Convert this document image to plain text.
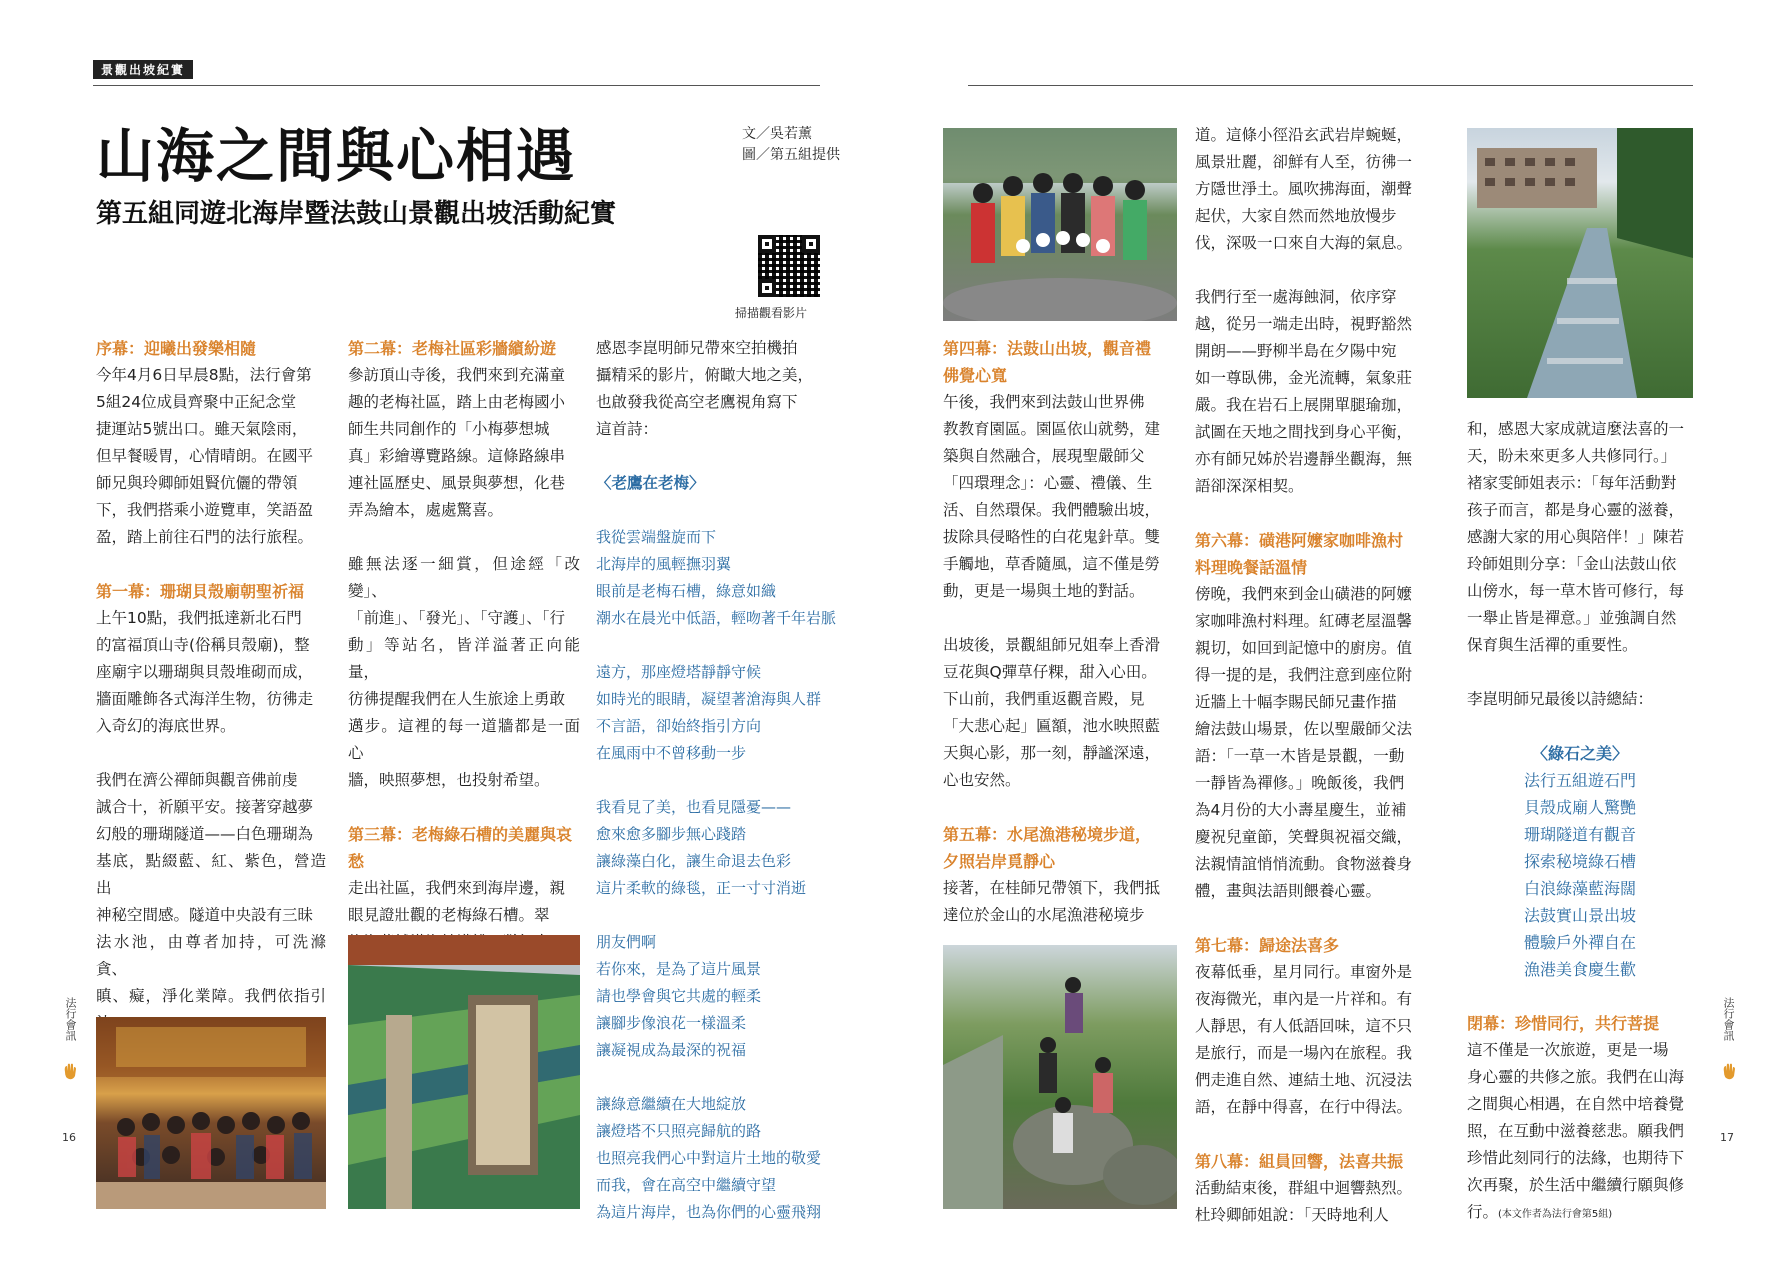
景觀出坡紀實
山海之間與心相遇
第五組同遊北海岸暨法鼓山景觀出坡活動紀實
文／吳若薰
圖／第五組提供
掃描觀看影片
序幕：迎曦出發樂相隨

今年4月6日早晨8點，法行會第
5組24位成員齊聚中正紀念堂
捷運站5號出口。雖天氣陰雨，
但早餐暖胃，心情晴朗。在國平
師兄與玲卿師姐賢伉儷的帶領
下，我們搭乘小遊覽車，笑語盈
盈，踏上前往石門的法行旅程。

第一幕：珊瑚貝殼廟朝聖祈福

上午10點，我們抵達新北石門
的富福頂山寺(俗稱貝殼廟)，整
座廟宇以珊瑚與貝殼堆砌而成，
牆面雕飾各式海洋生物，彷彿走
入奇幻的海底世界。

我們在濟公禪師與觀音佛前虔
誠合十，祈願平安。接著穿越夢
幻般的珊瑚隧道——白色珊瑚為
基底，點綴藍、紅、紫色，營造出
神秘空間感。隧道中央設有三昧
法水池，由尊者加持，可洗滌貪、
瞋、癡，淨化業障。我們依指引

第二幕：老梅社區彩牆繽紛遊

參訪頂山寺後，我們來到充滿童
趣的老梅社區，踏上由老梅國小
師生共同創作的「小梅夢想城
真」彩繪導覽路線。這條路線串
連社區歷史、風景與夢想，化巷
弄為繪本，處處驚喜。

雖無法逐一細賞，但途經「改變」、
「前進」、「發光」、「守護」、「行
動」等站名，皆洋溢著正向能量，
彷彿提醒我們在人生旅途上勇敢
邁步。這裡的每一道牆都是一面心
牆，映照夢想，也投射希望。

第三幕：老梅綠石槽的美麗與哀愁

走出社區，我們來到海岸邊，親
眼見證壯觀的老梅綠石槽。翠

感恩李崑明師兄帶來空拍機拍
攝精采的影片，俯瞰大地之美，
也啟發我從高空老鷹視角寫下
這首詩：

〈老鷹在老梅〉
我從雲端盤旋而下
北海岸的風輕撫羽翼
眼前是老梅石槽，綠意如織
潮水在晨光中低語，輕吻著千年岩脈
遠方，那座燈塔靜靜守候
如時光的眼睛，凝望著滄海與人群
不言語，卻始終指引方向
在風雨中不曾移動一步
我看見了美，也看見隱憂——
愈來愈多腳步無心踐踏
讓綠藻白化，讓生命退去色彩
這片柔軟的綠毯，正一寸寸消逝
朋友們啊
若你來，是為了這片風景
請也學會與它共處的輕柔
讓腳步像浪花一樣溫柔
讓凝視成為最深的祝福
讓綠意繼續在大地綻放
讓燈塔不只照亮歸航的路
也照亮我們心中對這片土地的敬愛
而我，會在高空中繼續守望
為這片海岸，也為你們的心靈飛翔
法行會訊
16
第四幕：法鼓山出坡，觀音禮
佛覺心寬

午後，我們來到法鼓山世界佛
教教育園區。園區依山就勢，建
築與自然融合，展現聖嚴師父
「四環理念」：心靈、禮儀、生
活、自然環保。我們體驗出坡，
拔除具侵略性的白花鬼針草。雙
手觸地，草香隨風，這不僅是勞
動，更是一場與土地的對話。

出坡後，景觀組師兄姐奉上香滑
豆花與Q彈草仔粿，甜入心田。
下山前，我們重返觀音殿，見
「大悲心起」匾額，池水映照藍
天與心影，那一刻，靜謐深遠，
心也安然。

第五幕：水尾漁港秘境步道，
夕照岩岸覓靜心

接著，在桂師兄帶領下，我們抵
達位於金山的水尾漁港秘境步

道。這條小徑沿玄武岩岸蜿蜒，
風景壯麗，卻鮮有人至，彷彿一
方隱世淨土。風吹拂海面，潮聲
起伏，大家自然而然地放慢步
伐，深吸一口來自大海的氣息。

我們行至一處海蝕洞，依序穿
越，從另一端走出時，視野豁然
開朗——野柳半島在夕陽中宛
如一尊臥佛，金光流轉，氣象莊
嚴。我在岩石上展開單腿瑜珈，
試圖在天地之間找到身心平衡，
亦有師兄姊於岩邊靜坐觀海，無
語卻深深相契。

第六幕：磺港阿嬤家咖啡漁村
料理晚餐話溫情

傍晚，我們來到金山磺港的阿嬤
家咖啡漁村料理。紅磚老屋溫馨
親切，如回到記憶中的廚房。值
得一提的是，我們注意到座位附
近牆上十幅李賜民師兄畫作描
繪法鼓山場景，佐以聖嚴師父法
語：「一草一木皆是景觀，一動
一靜皆為禪修。」晚飯後，我們
為4月份的大小壽星慶生，並補
慶祝兒童節，笑聲與祝福交織，
法親情誼悄悄流動。食物滋養身
體，畫與法語則餵養心靈。

第七幕：歸途法喜多

夜幕低垂，星月同行。車窗外是
夜海微光，車內是一片祥和。有
人靜思，有人低語回味，這不只
是旅行，而是一場內在旅程。我
們走進自然、連結土地、沉浸法
語，在靜中得喜，在行中得法。

第八幕：組員回響，法喜共振

活動結束後，群組中迴響熱烈。
杜玲卿師姐說：「天時地利人

和，感恩大家成就這麼法喜的一
天，盼未來更多人共修同行。」
褚家雯師姐表示：「每年活動對
孩子而言，都是身心靈的滋養，
感謝大家的用心與陪伴！」陳若
玲師姐則分享：「金山法鼓山依
山傍水，每一草木皆可修行，每
一舉止皆是禪意。」並強調自然
保育與生活禪的重要性。

李崑明師兄最後以詩總結：

〈綠石之美〉
法行五組遊石門
貝殼成廟人驚艷
珊瑚隧道有觀音
探索秘境綠石槽
白浪綠藻藍海闊
法鼓實山景出坡
體驗戶外禪自在
漁港美食慶生歡
閉幕：珍惜同行，共行菩提

這不僅是一次旅遊，更是一場
身心靈的共修之旅。我們在山海
之間與心相遇，在自然中培養覺
照，在互動中滋養慈悲。願我們
珍惜此刻同行的法緣，也期待下
次再聚，於生活中繼續行願與修
行。(本文作者為法行會第5組)

法行會訊
17
